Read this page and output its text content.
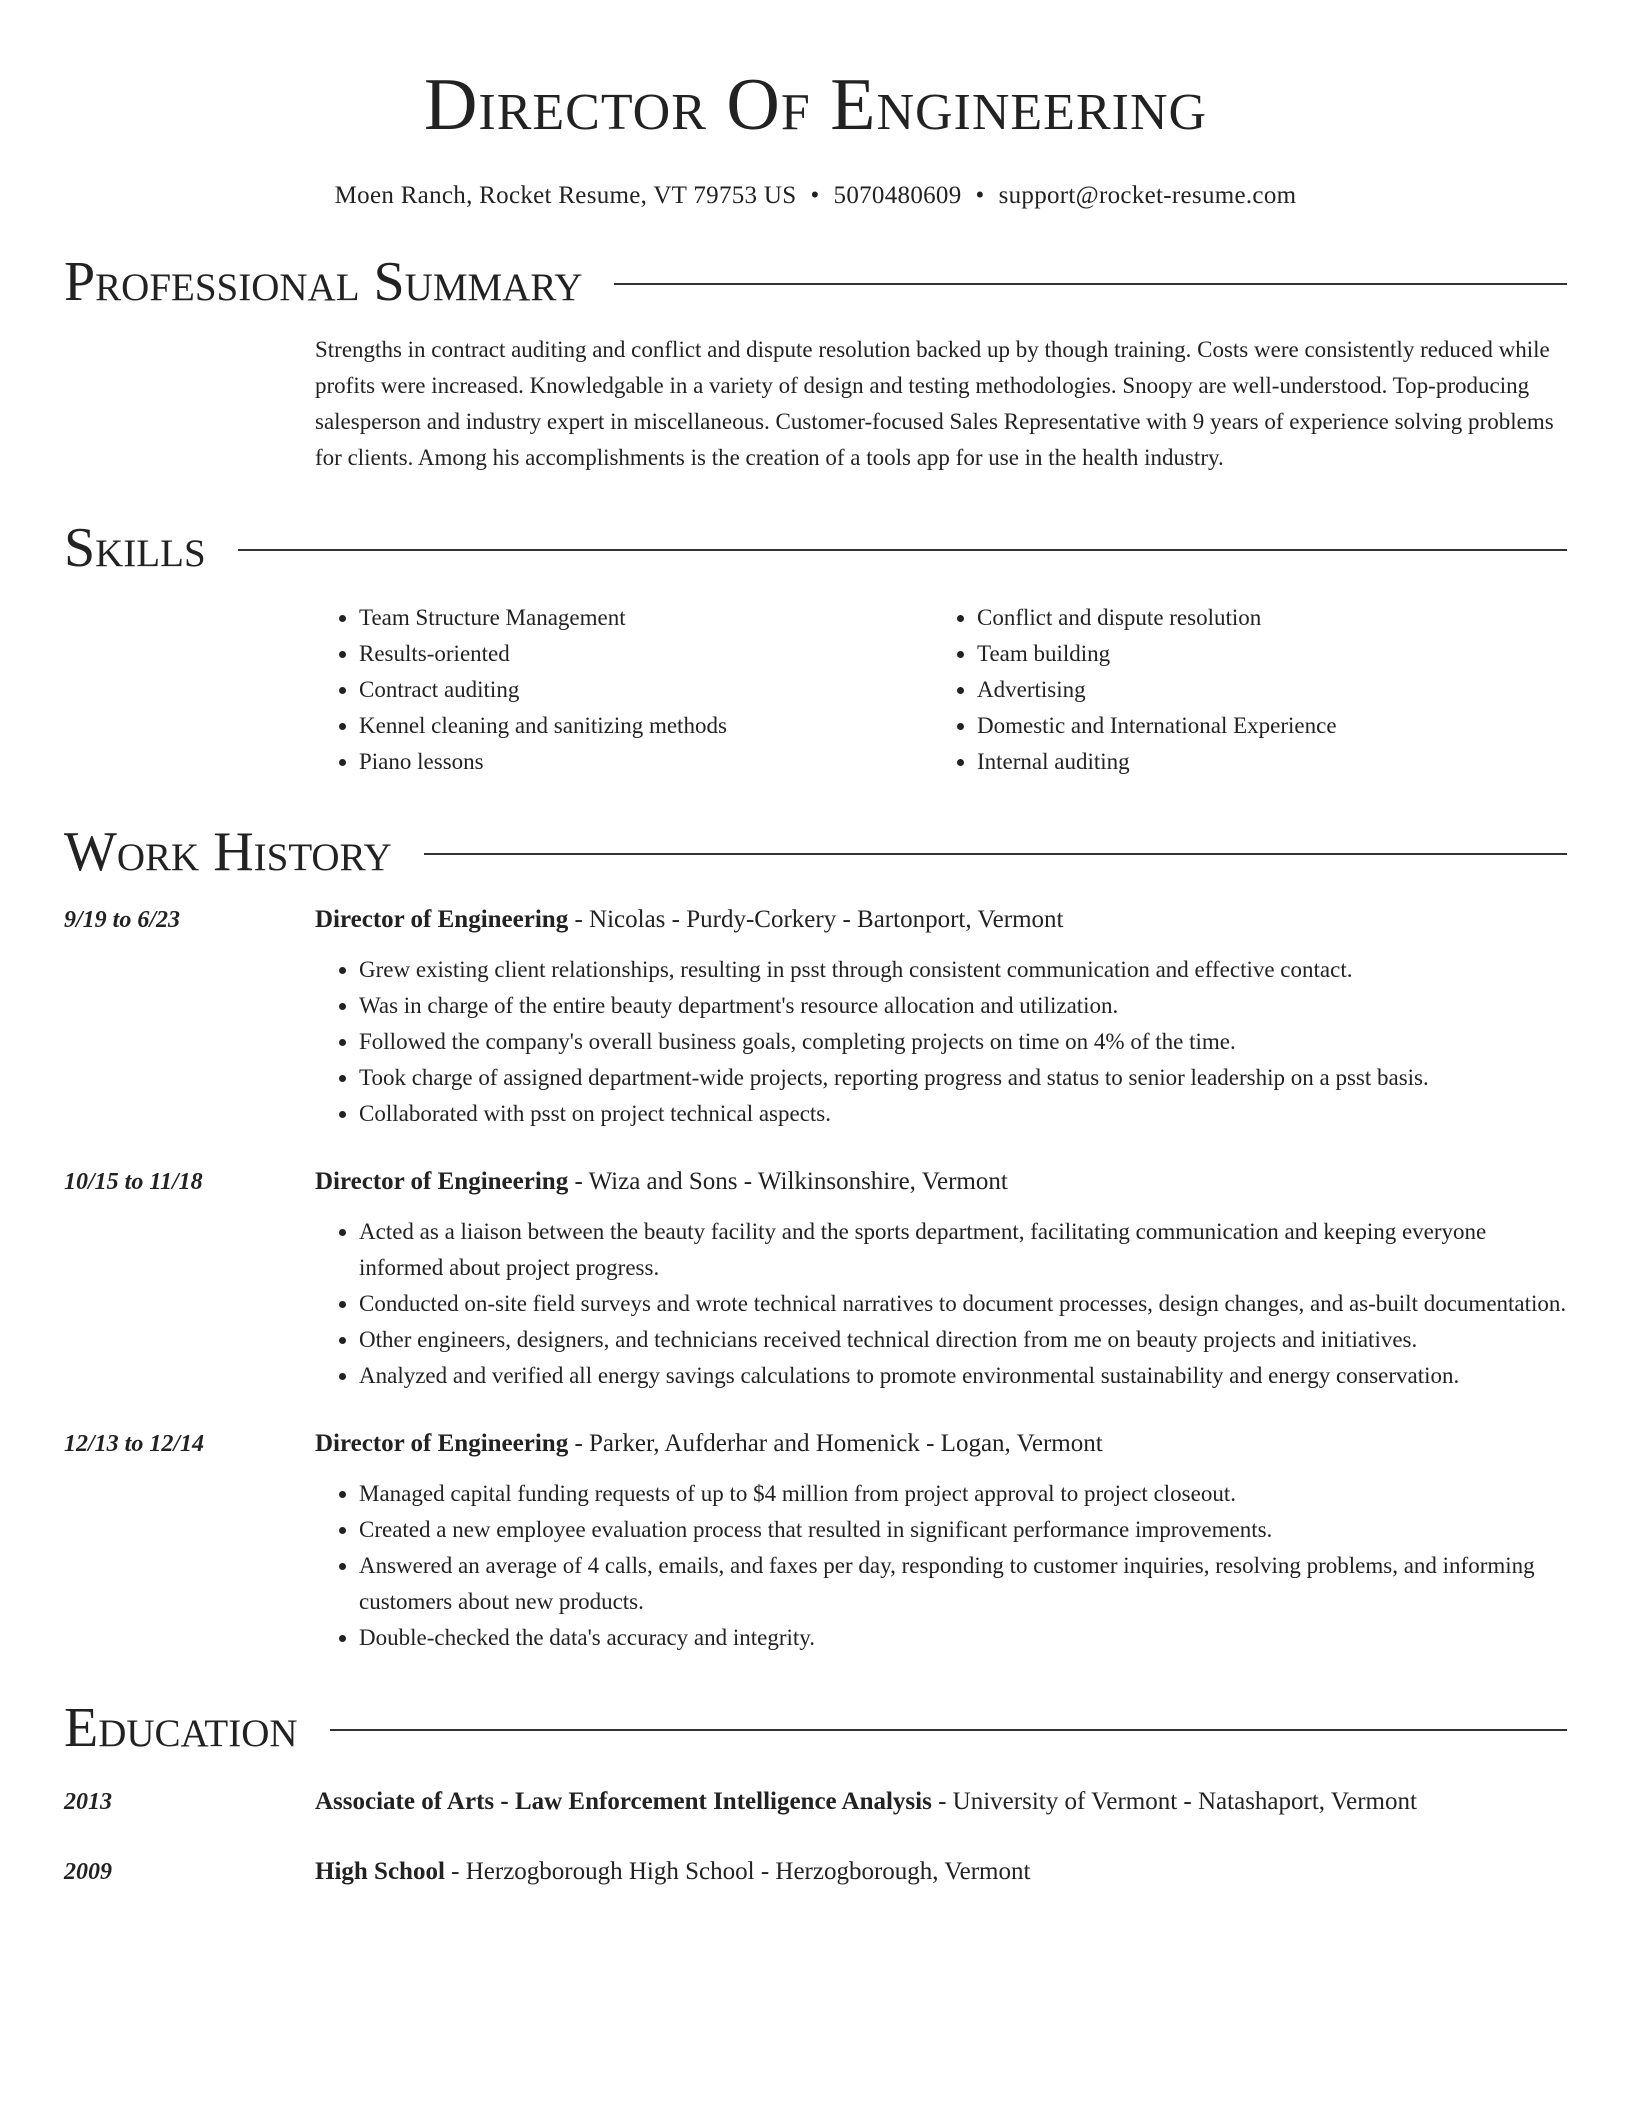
Director Of Engineering
Moen Ranch, Rocket Resume, VT 79753 US • 5070480609 • support@rocket-resume.com
Professional Summary
Strengths in contract auditing and conflict and dispute resolution backed up by though training. Costs were consistently reduced while profits were increased. Knowledgable in a variety of design and testing methodologies. Snoopy are well-understood. Top-producing salesperson and industry expert in miscellaneous. Customer-focused Sales Representative with 9 years of experience solving problems for clients. Among his accomplishments is the creation of a tools app for use in the health industry.
Skills
• Team Structure Management
• Results-oriented
• Contract auditing
• Kennel cleaning and sanitizing methods
• Piano lessons
• Conflict and dispute resolution
• Team building
• Advertising
• Domestic and International Experience
• Internal auditing
Work History
9/19 to 6/23	Director of Engineering - Nicolas - Purdy-Corkery - Bartonport, Vermont
• Grew existing client relationships, resulting in psst through consistent communication and effective contact.
• Was in charge of the entire beauty department's resource allocation and utilization.
• Followed the company's overall business goals, completing projects on time on 4% of the time.
• Took charge of assigned department-wide projects, reporting progress and status to senior leadership on a psst basis.
• Collaborated with psst on project technical aspects.
10/15 to 11/18	Director of Engineering - Wiza and Sons - Wilkinsonshire, Vermont
• Acted as a liaison between the beauty facility and the sports department, facilitating communication and keeping everyone informed about project progress.
• Conducted on-site field surveys and wrote technical narratives to document processes, design changes, and as-built documentation.
• Other engineers, designers, and technicians received technical direction from me on beauty projects and initiatives.
• Analyzed and verified all energy savings calculations to promote environmental sustainability and energy conservation.
12/13 to 12/14	Director of Engineering - Parker, Aufderhar and Homenick - Logan, Vermont
• Managed capital funding requests of up to $4 million from project approval to project closeout.
• Created a new employee evaluation process that resulted in significant performance improvements.
• Answered an average of 4 calls, emails, and faxes per day, responding to customer inquiries, resolving problems, and informing customers about new products.
• Double-checked the data's accuracy and integrity.
Education
2013	Associate of Arts - Law Enforcement Intelligence Analysis - University of Vermont - Natashaport, Vermont
2009	High School - Herzogborough High School - Herzogborough, Vermont
